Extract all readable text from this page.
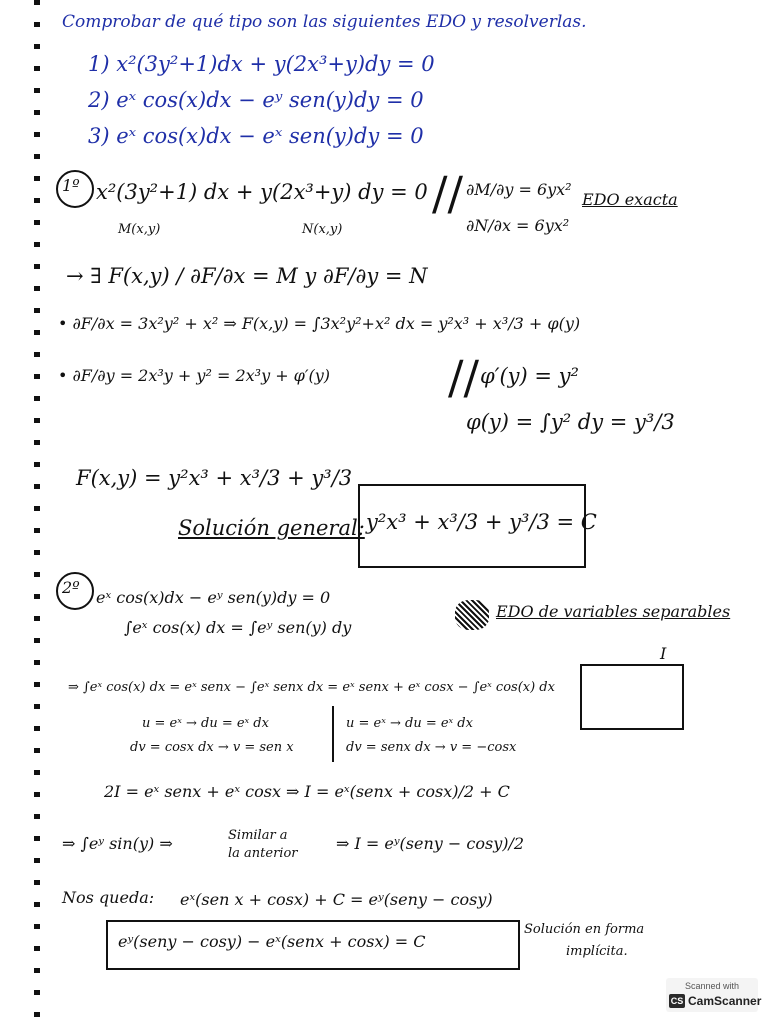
Comprobar de qué tipo son las siguientes EDO y resolverlas.
1) x²(3y²+1)dx + y(2x³+y)dy = 0
2) eˣ cos(x)dx − eʸ sen(y)dy = 0
3) eˣ cos(x)dx − eˣ sen(y)dy = 0
1º x²(3y²+1) dx + y(2x³+y) dy = 0
M(x,y)	N(x,y)
// ∂M/∂y = 6yx²
∂N/∂x = 6yx²
EDO exacta
→ ∃ F(x,y) / ∂F/∂x = M y ∂F/∂y = N
• ∂F/∂x = 3x²y² + x² ⇒ F(x,y) = ∫3x²y²+x² dx = y²x³ + x³/3 + φ(y)
• ∂F/∂y = 2x³y + y² = 2x³y + φ′(y)	// φ′(y) = y²
φ(y) = ∫y² dy = y³/3
F(x,y) = y²x³ + x³/3 + y³/3
Solución general: y²x³ + x³/3 + y³/3 = C
2º
eˣ cos(x)dx − eʸ sen(y)dy = 0
∫eˣ cos(x) dx = ∫eʸ sen(y) dy
EDO de variables separables
I
⇒ ∫eˣ cos(x) dx = eˣ senx − ∫eˣ senx dx = eˣ senx + eˣ cosx − ∫eˣ cos(x) dx
u = eˣ → du = eˣ dx
dv = cosx dx → v = sen x
u = eˣ → du = eˣ dx
dv = senx dx → v = −cosx
2I = eˣ senx + eˣ cosx ⇒ I = eˣ(senx + cosx)/2 + C
⇒ ∫eʸ sin(y) ⇒	Similar a
la anterior
⇒ I = eʸ(seny − cosy)/2
Nos queda: eˣ(sen x + cosx) + C = eʸ(seny − cosy)
eʸ(seny − cosy) − eˣ(senx + cosx) = C
Solución en forma
implícita.
Scanned with
CS CamScanner
